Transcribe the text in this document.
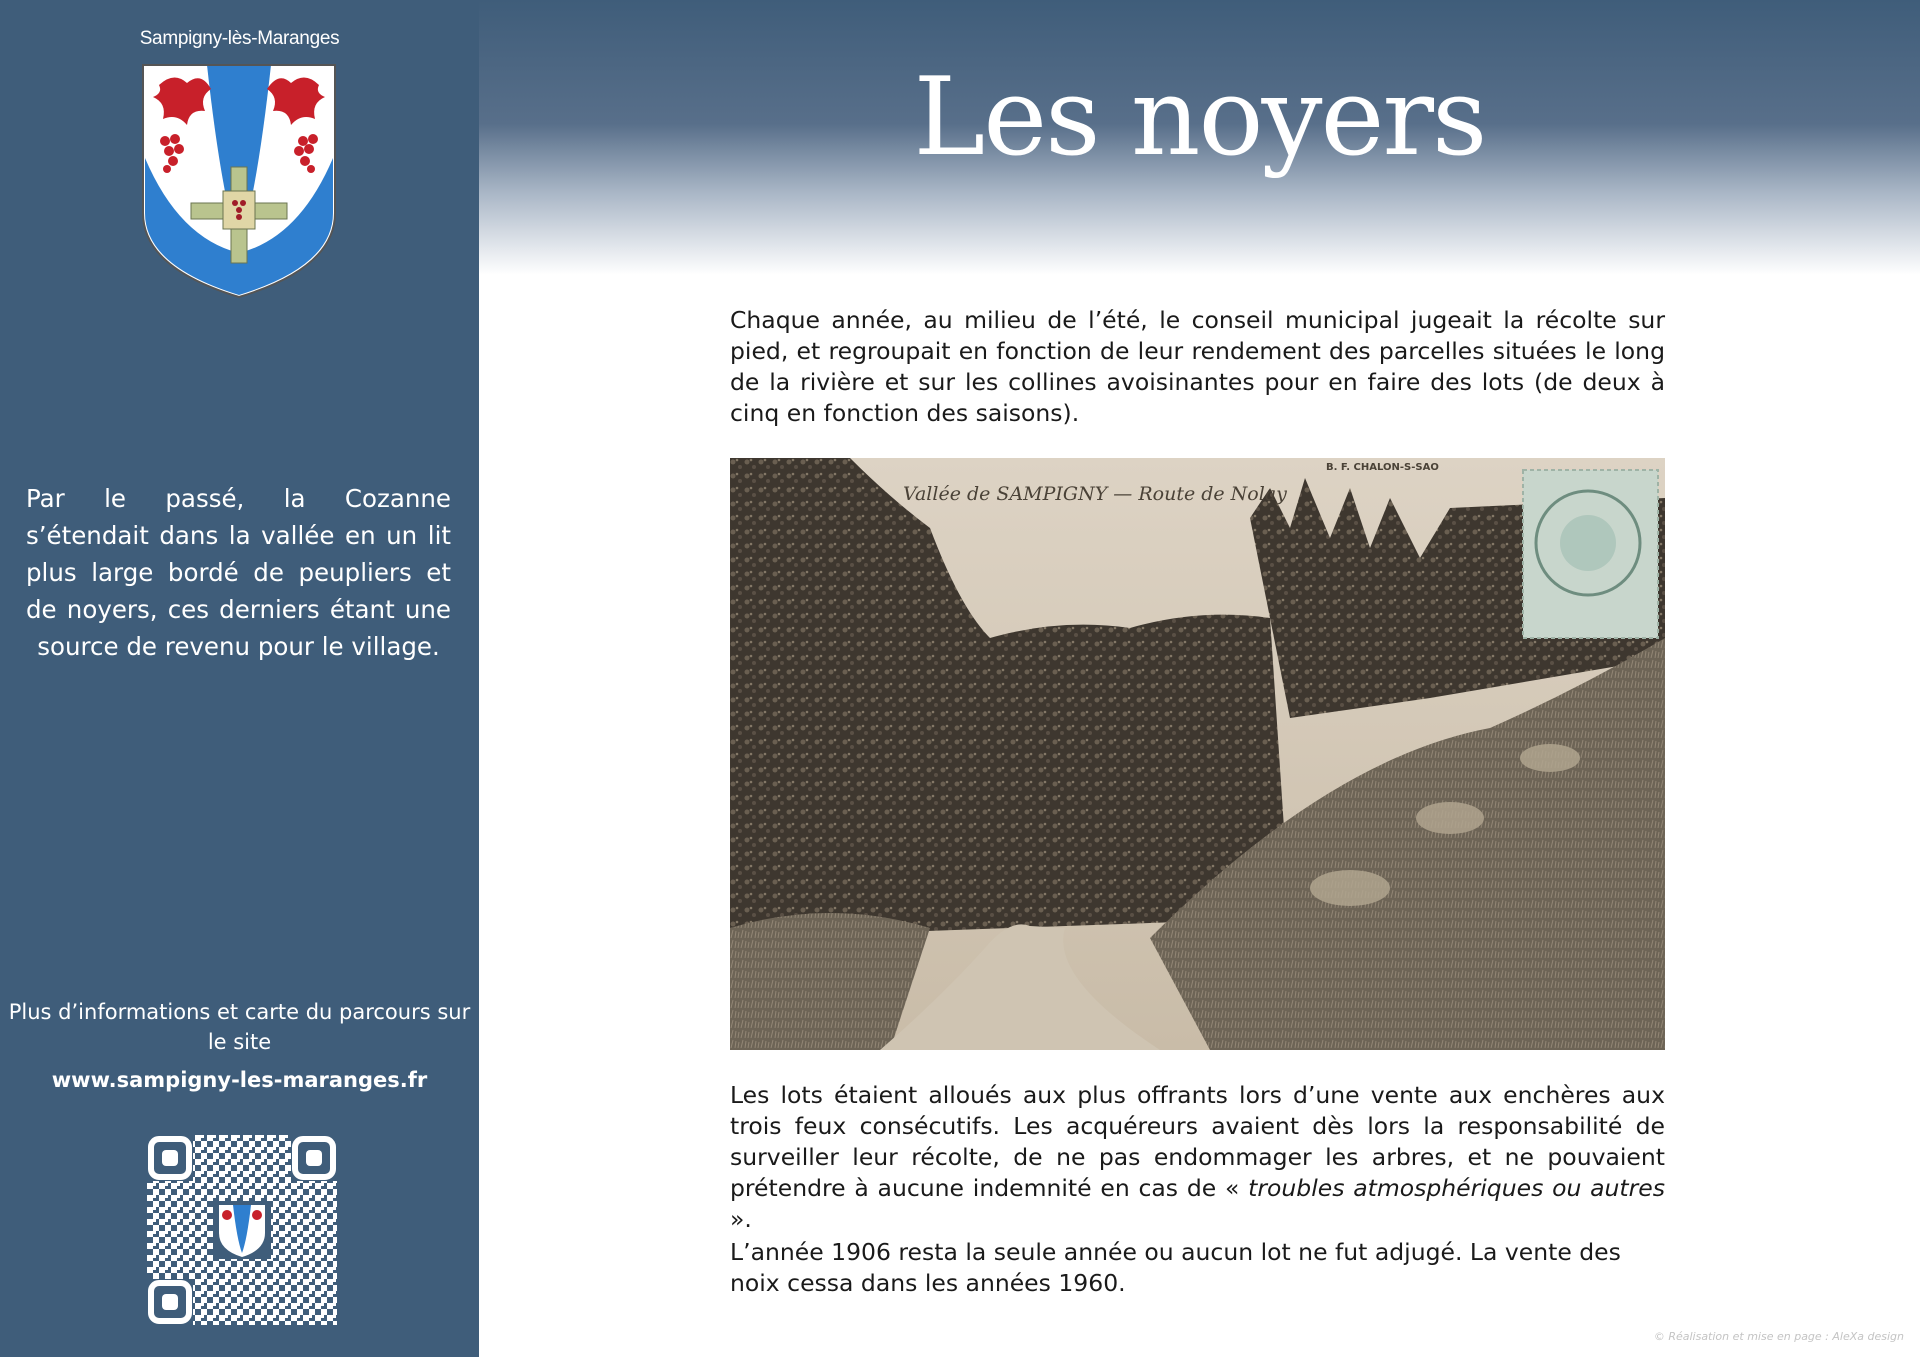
Sampigny-lès-Maranges
Par le passé, la Cozanne s’étendait dans la vallée en un lit plus large bordé de peupliers et de noyers, ces derniers étant une source de revenu pour le village.
Plus d’informations et carte du parcours sur le site
www.sampigny-les-maranges.fr
Les noyers

Chaque année, au milieu de l’été, le conseil municipal jugeait la récolte sur pied, et regroupait en fonction de leur rendement des parcelles situées le long de la rivière et sur les collines avoisinantes pour en faire des lots (de deux à cinq en fonction des saisons).

Vallée de SAMPIGNY — Route de Nolay
B. F. CHALON-S-SAO

Les lots étaient alloués aux plus offrants lors d’une vente aux enchères aux trois feux consécutifs. Les acquéreurs avaient dès lors la responsabilité de surveiller leur récolte, de ne pas endommager les arbres, et ne pouvaient prétendre à aucune indemnité en cas de « troubles atmosphériques ou autres ».

L’année 1906 resta la seule année ou aucun lot ne fut adjugé. La vente des noix cessa dans les années 1960.

© Réalisation et mise en page : AleXa design
